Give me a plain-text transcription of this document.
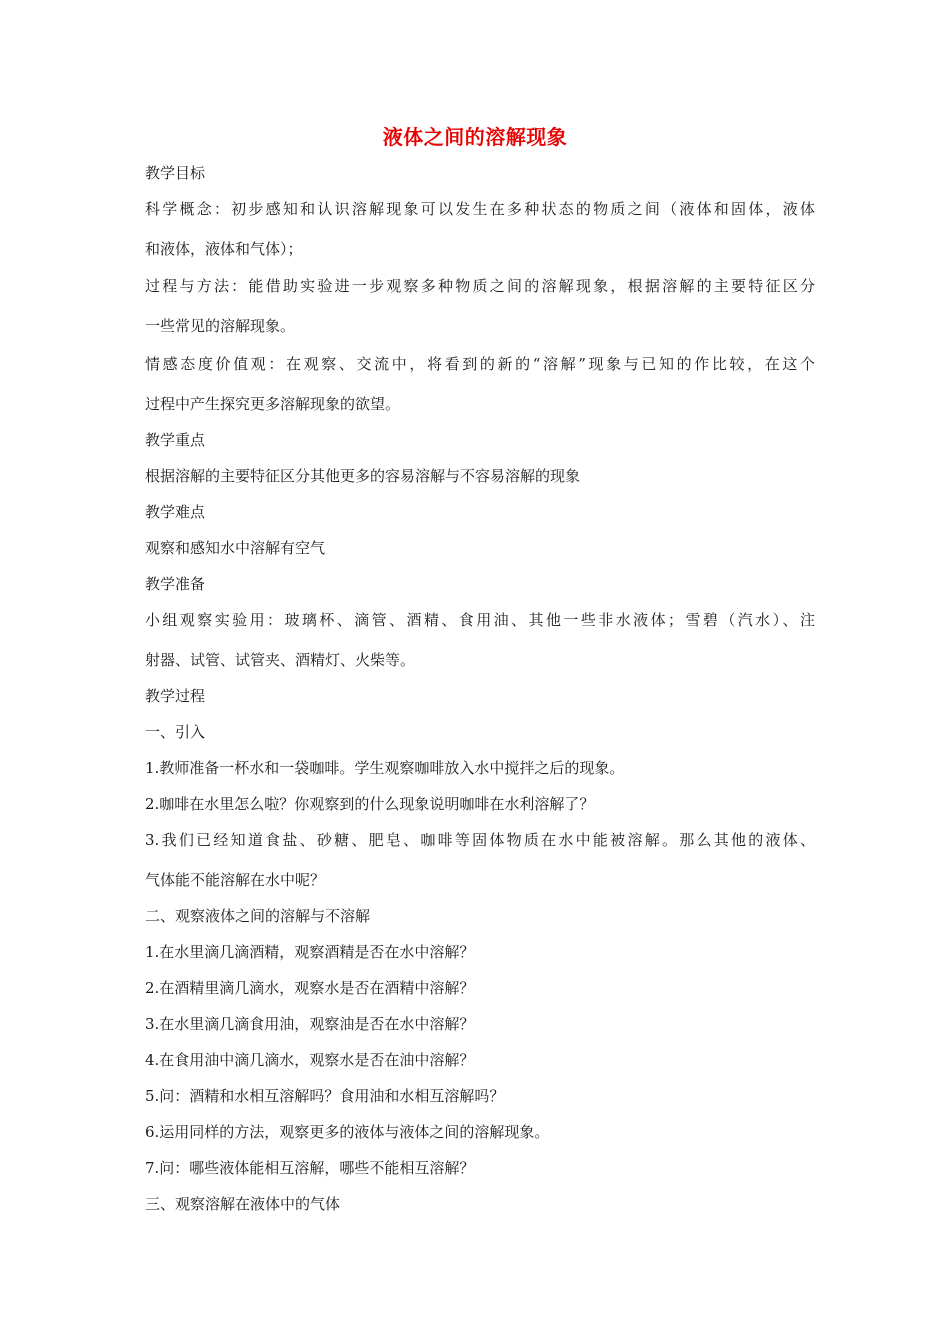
液体之间的溶解现象
教学目标
科学概念：初步感知和认识溶解现象可以发生在多种状态的物质之间（液体和固体，液体
和液体，液体和气体）；
过程与方法：能借助实验进一步观察多种物质之间的溶解现象，根据溶解的主要特征区分
一些常见的溶解现象。
情感态度价值观：在观察、交流中，将看到的新的“溶解”现象与已知的作比较，在这个
过程中产生探究更多溶解现象的欲望。
教学重点
根据溶解的主要特征区分其他更多的容易溶解与不容易溶解的现象
教学难点
观察和感知水中溶解有空气
教学准备
小组观察实验用：玻璃杯、滴管、酒精、食用油、其他一些非水液体；雪碧（汽水）、注
射器、试管、试管夹、酒精灯、火柴等。
教学过程
一、引入
1.教师准备一杯水和一袋咖啡。学生观察咖啡放入水中搅拌之后的现象。
2.咖啡在水里怎么啦？你观察到的什么现象说明咖啡在水利溶解了？
3.我们已经知道食盐、砂糖、肥皂、咖啡等固体物质在水中能被溶解。那么其他的液体、
气体能不能溶解在水中呢？
二、观察液体之间的溶解与不溶解
1.在水里滴几滴酒精，观察酒精是否在水中溶解？
2.在酒精里滴几滴水，观察水是否在酒精中溶解？
3.在水里滴几滴食用油，观察油是否在水中溶解？
4.在食用油中滴几滴水，观察水是否在油中溶解？
5.问：酒精和水相互溶解吗？食用油和水相互溶解吗？
6.运用同样的方法，观察更多的液体与液体之间的溶解现象。
7.问：哪些液体能相互溶解，哪些不能相互溶解？
三、观察溶解在液体中的气体
